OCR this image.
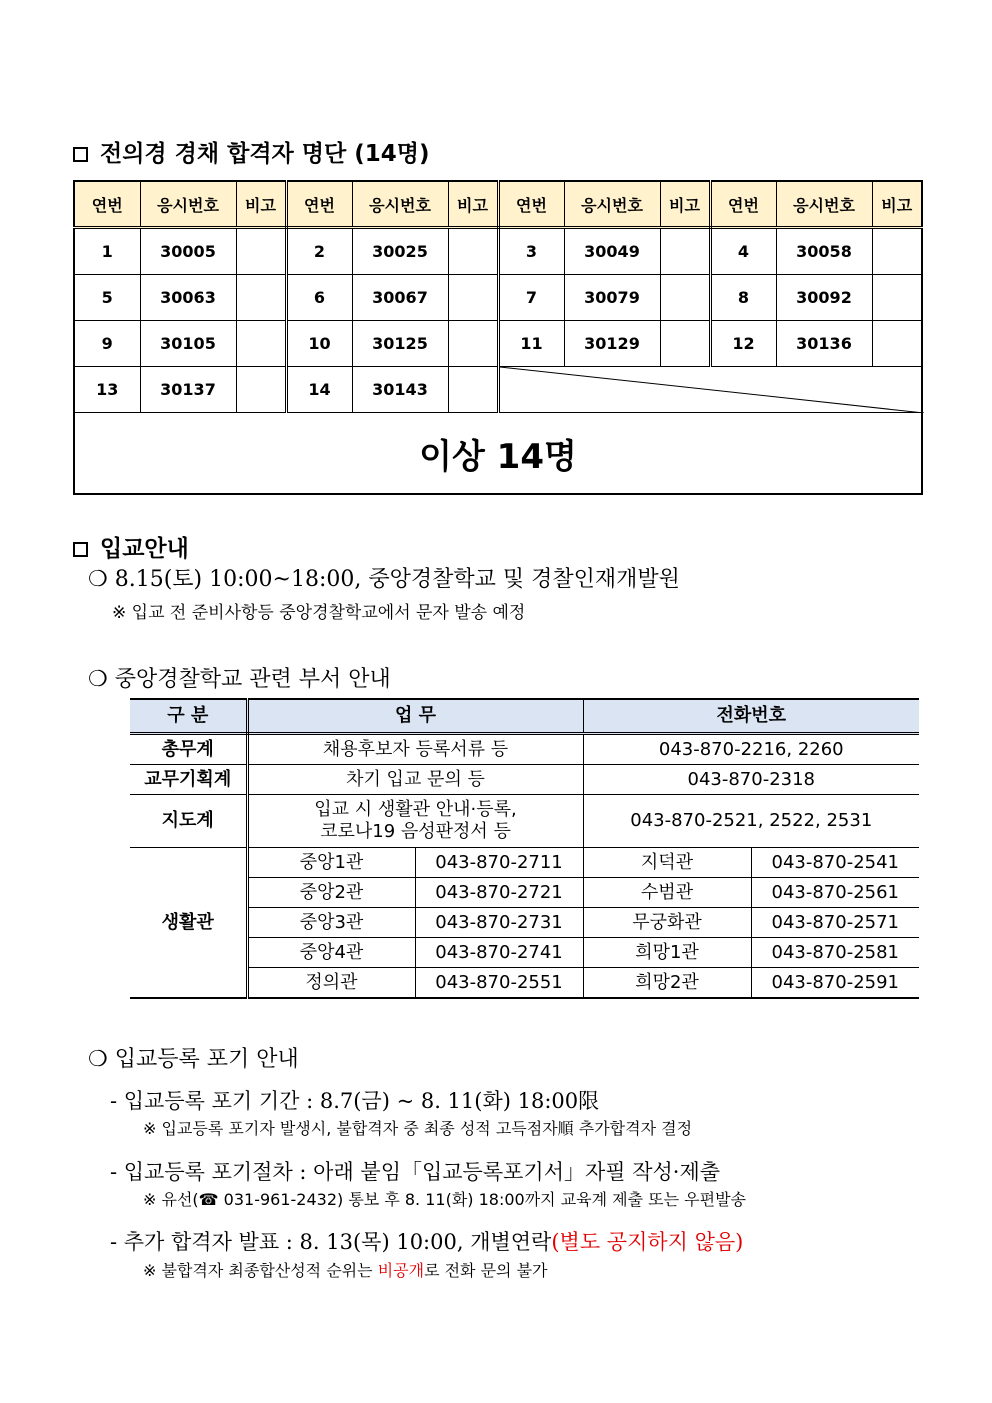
전의경 경채 합격자 명단 (14명)
연번	응시번호	비고	연번	응시번호	비고	연번	응시번호	비고	연번	응시번호	비고
1	30005		2	30025		3	30049		4	30058	
5	30063		6	30067		7	30079		8	30092	
9	30105		10	30125		11	30129		12	30136	
13	30137		14	30143		

이상 14명											
입교안내
❍ 8.15(토) 10:00~18:00, 중앙경찰학교 및 경찰인재개발원
※ 입교 전 준비사항등 중앙경찰학교에서 문자 발송 예정
❍ 중앙경찰학교 관련 부서 안내
구 분	업 무		전화번호	
총무계	채용후보자 등록서류 등		043-870-2216, 2260	
교무기획계	차기 입교 문의 등		043-870-2318	
지도계	입교 시 생활관 안내·등록,
코로나19 음성판정서 등		043-870-2521, 2522, 2531	
생활관	중앙1관	043-870-2711	지덕관	043-870-2541
	중앙2관	043-870-2721	수범관	043-870-2561
	중앙3관	043-870-2731	무궁화관	043-870-2571
	중앙4관	043-870-2741	희망1관	043-870-2581
	정의관	043-870-2551	희망2관	043-870-2591
❍ 입교등록 포기 안내
- 입교등록 포기 기간 : 8.7(금) ~ 8. 11(화) 18:00限
※ 입교등록 포기자 발생시, 불합격자 중 최종 성적 고득점자順 추가합격자 결정
- 입교등록 포기절차 : 아래 붙임「입교등록포기서」자필 작성·제출
※ 유선(☎ 031-961-2432) 통보 후 8. 11(화) 18:00까지 교육계 제출 또는 우편발송
- 추가 합격자 발표 : 8. 13(목) 10:00, 개별연락(별도 공지하지 않음)
※ 불합격자 최종합산성적 순위는 비공개로 전화 문의 불가
